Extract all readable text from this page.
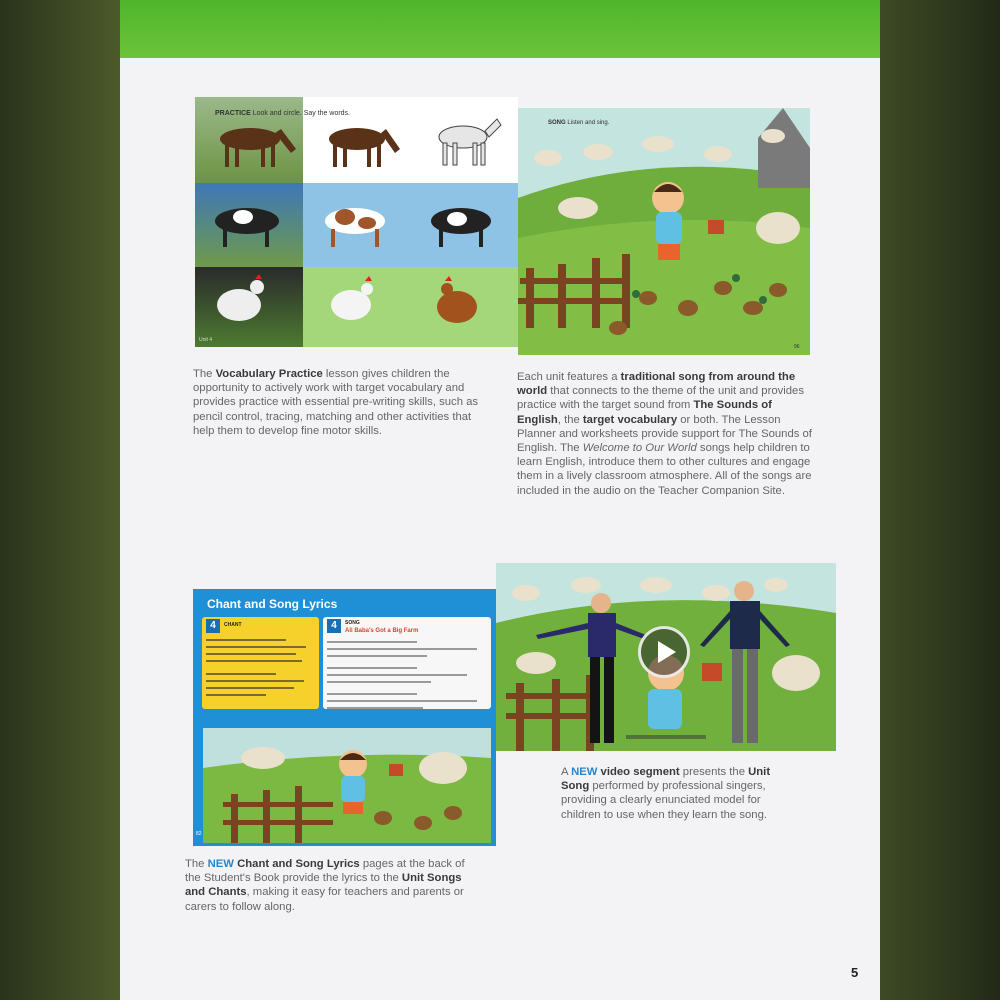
PRACTICE Look and circle. Say the words.
Unit 4
SONG Listen and sing.
96
The Vocabulary Practice lesson gives children the opportunity to actively work with target vocabulary and provides practice with essential pre-writing skills, such as pencil control, tracing, matching and other activities that help them to develop fine motor skills.
Each unit features a traditional song from around the world that connects to the theme of the unit and provides practice with the target sound from The Sounds of English, the target vocabulary or both. The Lesson Planner and worksheets provide support for The Sounds of English. The Welcome to Our World songs help children to learn English, introduce them to other cultures and engage them in a lively classroom atmosphere. All of the songs are included in the audio on the Teacher Companion Site.
Chant and Song Lyrics
4	CHANT	4	SONG
Ali Baba's Got a Big Farm
82
A NEW video segment presents the Unit Song performed by professional singers, providing a clearly enunciated model for children to use when they learn the song.
The NEW Chant and Song Lyrics pages at the back of the Student's Book provide the lyrics to the Unit Songs and Chants, making it easy for teachers and parents or carers to follow along.
5
